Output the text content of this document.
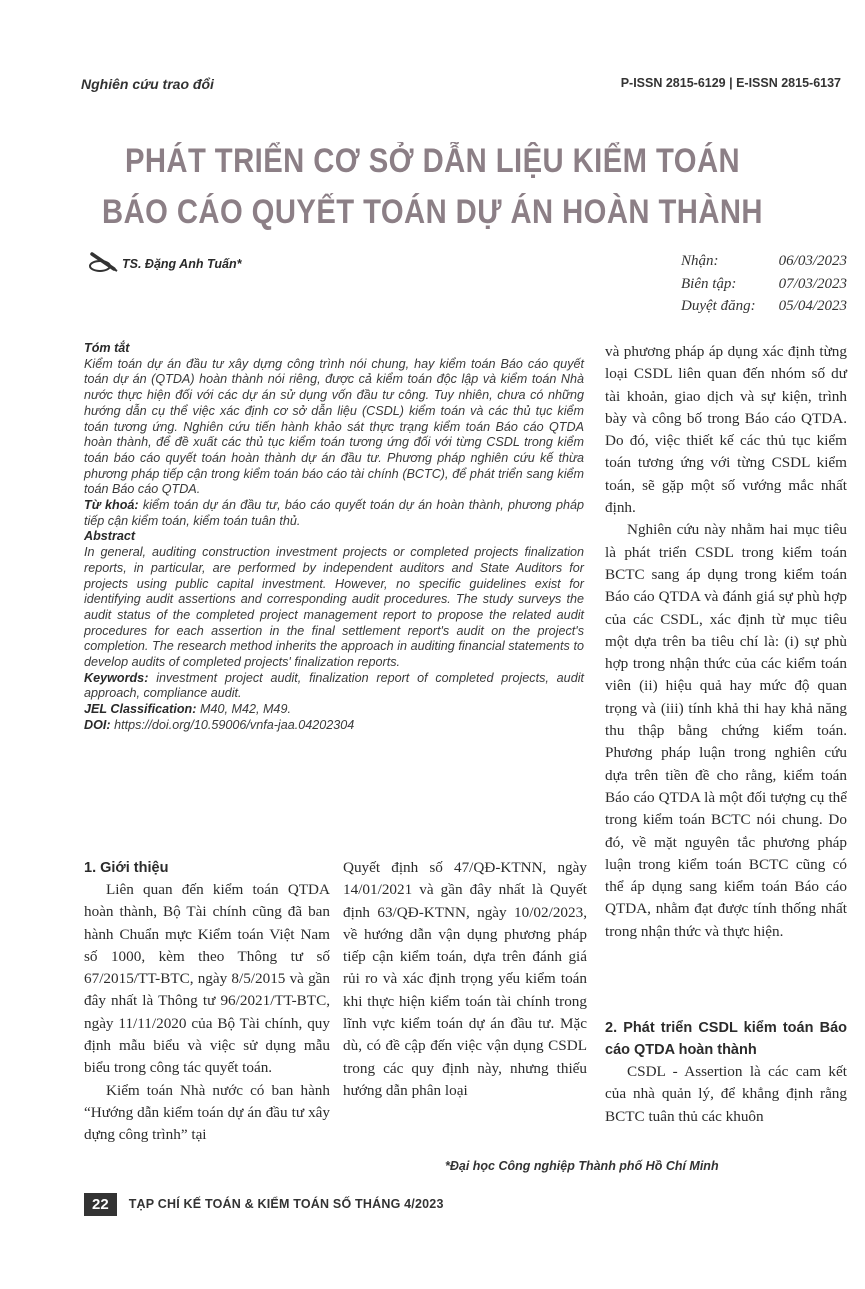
Nghiên cứu trao đổi	P-ISSN 2815-6129 | E-ISSN 2815-6137
PHÁT TRIỂN CƠ SỞ DẪN LIỆU KIỂM TOÁN
BÁO CÁO QUYẾT TOÁN DỰ ÁN HOÀN THÀNH
TS. Đặng Anh Tuấn*	Nhận:	06/03/2023
Biên tập:	07/03/2023
Duyệt đăng: 05/04/2023

Tóm tắt

Kiểm toán dự án đầu tư xây dựng công trình nói chung, hay kiểm toán Báo cáo quyết toán dự án (QTDA) hoàn thành nói riêng, được cả kiểm toán độc lập và kiểm toán Nhà nước thực hiện đối với các dự án sử dụng vốn đầu tư công. Tuy nhiên, chưa có những hướng dẫn cụ thể việc xác định cơ sở dẫn liệu (CSDL) kiểm toán và các thủ tục kiểm toán tương ứng. Nghiên cứu tiến hành khảo sát thực trạng kiểm toán Báo cáo QTDA hoàn thành, để đề xuất các thủ tục kiểm toán tương ứng đối với từng CSDL trong kiểm toán báo cáo quyết toán hoàn thành dự án đầu tư. Phương pháp nghiên cứu kế thừa phương pháp tiếp cận trong kiểm toán báo cáo tài chính (BCTC), để phát triển sang kiểm toán Báo cáo QTDA.

Từ khoá: kiểm toán dự án đầu tư, báo cáo quyết toán dự án hoàn thành, phương pháp tiếp cận kiểm toán, kiểm toán tuân thủ.

Abstract

In general, auditing construction investment projects or completed projects finalization reports, in particular, are performed by independent auditors and State Auditors for projects using public capital investment. However, no specific guidelines exist for identifying audit assertions and corresponding audit procedures. The study surveys the audit status of the completed project management report to propose the related audit procedures for each assertion in the final settlement report's audit on the project's completion. The research method inherits the approach in auditing financial statements to develop audits of completed projects' finalization reports.

Keywords: investment project audit, finalization report of completed projects, audit approach, compliance audit.

JEL Classification: M40, M42, M49.

DOI: https://doi.org/10.59006/vnfa-jaa.04202304

và phương pháp áp dụng xác định từng loại CSDL liên quan đến nhóm số dư tài khoản, giao dịch và sự kiện, trình bày và công bố trong Báo cáo QTDA. Do đó, việc thiết kế các thủ tục kiểm toán tương ứng với từng CSDL kiểm toán, sẽ gặp một số vướng mắc nhất định.

Nghiên cứu này nhằm hai mục tiêu là phát triển CSDL trong kiểm toán BCTC sang áp dụng trong kiểm toán Báo cáo QTDA và đánh giá sự phù hợp của các CSDL, xác định từ mục tiêu một dựa trên ba tiêu chí là: (i) sự phù hợp trong nhận thức của các kiểm toán viên (ii) hiệu quả hay mức độ quan trọng và (iii) tính khả thi hay khả năng thu thập bằng chứng kiểm toán. Phương pháp luận trong nghiên cứu dựa trên tiền đề cho rằng, kiểm toán Báo cáo QTDA là một đối tượng cụ thể trong kiểm toán BCTC nói chung. Do đó, về mặt nguyên tắc phương pháp luận trong kiểm toán BCTC cũng có thể áp dụng sang kiểm toán Báo cáo QTDA, nhằm đạt được tính thống nhất trong nhận thức và thực hiện.

1. Giới thiệu

Liên quan đến kiểm toán QTDA hoàn thành, Bộ Tài chính cũng đã ban hành Chuẩn mực Kiểm toán Việt Nam số 1000, kèm theo Thông tư số 67/2015/TT-BTC, ngày 8/5/2015 và gần đây nhất là Thông tư 96/2021/TT-BTC, ngày 11/11/2020 của Bộ Tài chính, quy định mẫu biểu và việc sử dụng mẫu biểu trong công tác quyết toán.

Kiểm toán Nhà nước có ban hành “Hướng dẫn kiểm toán dự án đầu tư xây dựng công trình” tại

Quyết định số 47/QĐ-KTNN, ngày 14/01/2021 và gần đây nhất là Quyết định 63/QĐ-KTNN, ngày 10/02/2023, về hướng dẫn vận dụng phương pháp tiếp cận kiểm toán, dựa trên đánh giá rủi ro và xác định trọng yếu kiểm toán khi thực hiện kiểm toán tài chính trong lĩnh vực kiểm toán dự án đầu tư. Mặc dù, có đề cập đến việc vận dụng CSDL trong các quy định này, nhưng thiếu hướng dẫn phân loại

2. Phát triển CSDL kiểm toán Báo cáo QTDA hoàn thành

CSDL - Assertion là các cam kết của nhà quản lý, để khẳng định rằng BCTC tuân thủ các khuôn

*Đại học Công nghiệp Thành phố Hồ Chí Minh
22	TẠP CHÍ KẾ TOÁN & KIỂM TOÁN SỐ THÁNG 4/2023
